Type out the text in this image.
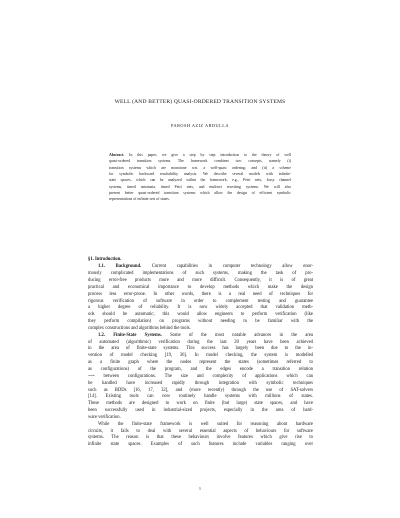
WELL (AND BETTER) QUASI-ORDERED TRANSITION SYSTEMS
PAROSH AZIZ ABDULLA
Abstract. In this paper, we give a step by step introduction to the theory of well
quasi-ordered transition systems. The framework combines two concepts, namely (i)
transition systems which are monotone wrt. a well-quasi ordering; and (ii) a scheme
for symbolic backward reachability analysis. We describe several models with infinite-
state spaces, which can be analyzed within the framework, e.g., Petri nets, lossy channel
systems, timed automata, timed Petri nets, and multiset rewriting systems. We will also
present better quasi-ordered transition systems which allow the design of efficient symbolic
representations of infinite sets of states.
§1. Introduction.
1.1. Background. Current capabilities in computer technology allow enor-
mously complicated implementations of such systems, making the task of pro-
ducing error-free products more and more difficult. Consequently, it is of great
practical and economical importance to develop methods which make the design
process less error-prone. In other words, there is a real need of techniques for
rigorous verification of software in order to complement testing and guarantee
a higher degree of reliability. It is now widely accepted that validation meth-
ods should be automatic; this would allow engineers to perform verification (like
they perform compilation) on programs without needing to be familiar with the
complex constructions and algorithms behind the tools.
1.2. Finite-State Systems. Some of the most notable advances in the area
of automated (algorithmic) verification during the last 20 years have been achieved
in the area of finite-state systems. This success has largely been due to the in-
vention of model checking [19, 36]. In model checking, the system is modelled
as a finite graph where the nodes represent the states (sometimes referred to
as configurations) of the program, and the edges encode a transition relation
⟶ between configurations. The size and complexity of applications which can
be handled have increased rapidly through integration with symbolic techniques
such as BDDs [16, 17, 32], and (more recently) through the use of SAT-solvers
[14]. Existing tools can now routinely handle systems with millions of states.
These methods are designed to work on finite (but large) state spaces, and have
been successfully used in industrial-sized projects, especially in the area of hard-
ware verification.
While the finite-state framework is well suited for reasoning about hardware
circuits, it fails to deal with several essential aspects of behaviours for software
systems. The reason is that these behaviours involve features which give rise to
infinite state spaces. Examples of such features include variables ranging over
1
